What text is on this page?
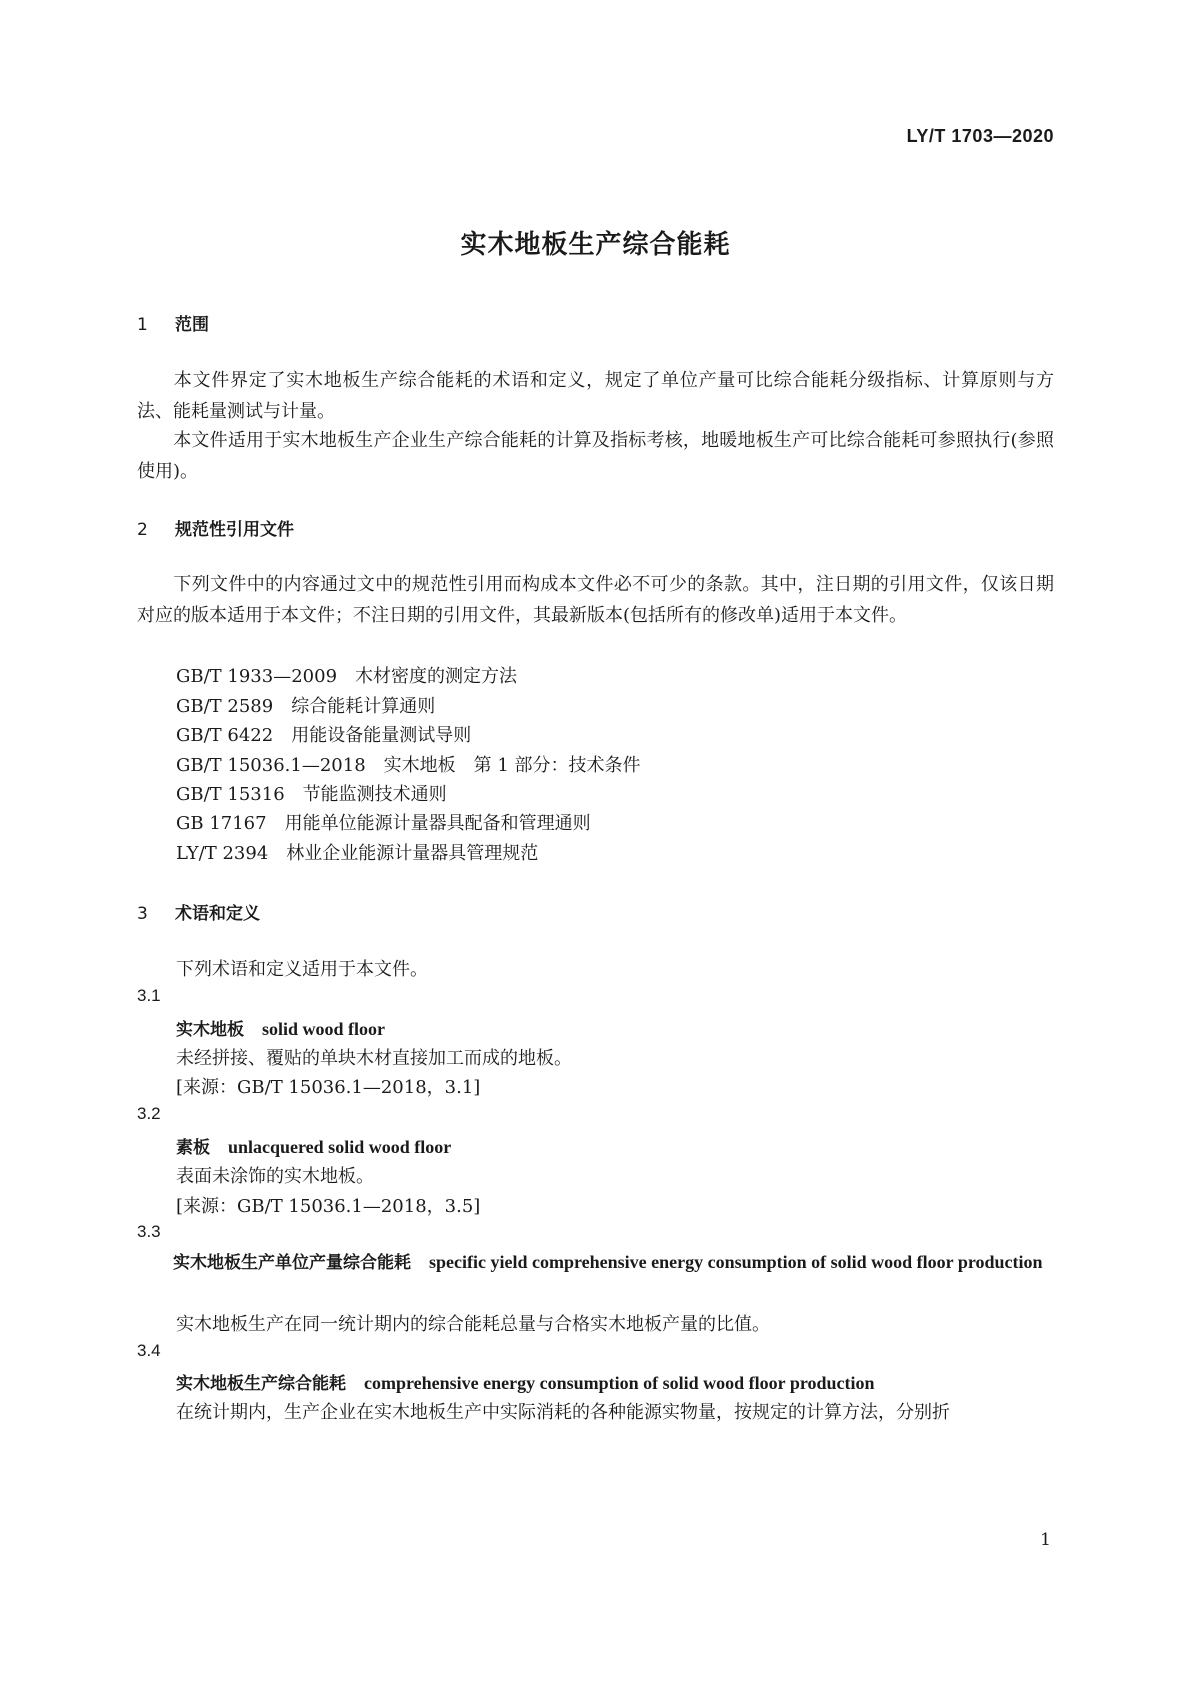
LY/T 1703—2020
实木地板生产综合能耗
1 范围
本文件界定了实木地板生产综合能耗的术语和定义，规定了单位产量可比综合能耗分级指标、计算原则与方法、能耗量测试与计量。
本文件适用于实木地板生产企业生产综合能耗的计算及指标考核，地暖地板生产可比综合能耗可参照执行(参照使用)。
2 规范性引用文件
下列文件中的内容通过文中的规范性引用而构成本文件必不可少的条款。其中，注日期的引用文件，仅该日期对应的版本适用于本文件；不注日期的引用文件，其最新版本(包括所有的修改单)适用于本文件。
GB/T 1933—2009 木材密度的测定方法
GB/T 2589 综合能耗计算通则
GB/T 6422 用能设备能量测试导则
GB/T 15036.1—2018 实木地板　第 1 部分：技术条件
GB/T 15316 节能监测技术通则
GB 17167 用能单位能源计量器具配备和管理通则
LY/T 2394 林业企业能源计量器具管理规范
3 术语和定义
下列术语和定义适用于本文件。
3.1
实木地板 solid wood floor
未经拼接、覆贴的单块木材直接加工而成的地板。
[来源：GB/T 15036.1—2018，3.1]
3.2
素板 unlacquered solid wood floor
表面未涂饰的实木地板。
[来源：GB/T 15036.1—2018，3.5]
3.3
实木地板生产单位产量综合能耗 specific yield comprehensive energy consumption of solid wood floor production
实木地板生产在同一统计期内的综合能耗总量与合格实木地板产量的比值。
3.4
实木地板生产综合能耗 comprehensive energy consumption of solid wood floor production
在统计期内，生产企业在实木地板生产中实际消耗的各种能源实物量，按规定的计算方法，分别折
1
